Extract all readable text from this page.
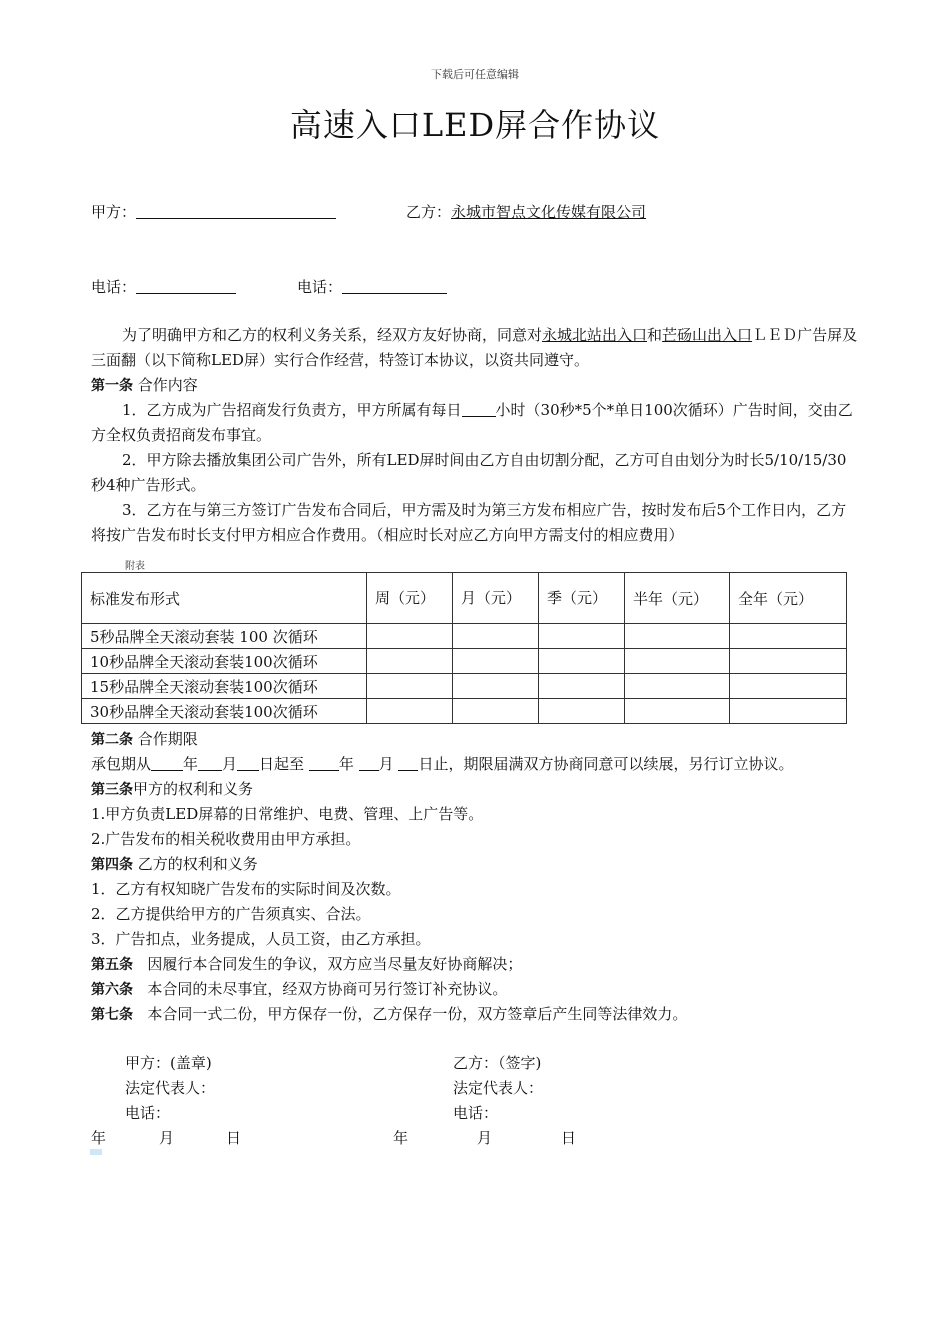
下载后可任意编辑
高速入口LED屏合作协议
甲方：	乙方：永城市智点文化传媒有限公司
电话：	电话：
为了明确甲方和乙方的权利义务关系，经双方友好协商，同意对永城北站出入口和芒砀山出入口ＬＥＤ广告屏及三面翻（以下简称LED屏）实行合作经营，特签订本协议，以资共同遵守。
第一条 合作内容
1．乙方成为广告招商发行负责方，甲方所属有每日 小时（30秒*5个*单日100次循环）广告时间，交由乙方全权负责招商发布事宜。
2．甲方除去播放集团公司广告外，所有LED屏时间由乙方自由切割分配，乙方可自由划分为时长5/10/15/30秒4种广告形式。
3．乙方在与第三方签订广告发布合同后，甲方需及时为第三方发布相应广告，按时发布后5个工作日内，乙方将按广告发布时长支付甲方相应合作费用。（相应时长对应乙方向甲方需支付的相应费用）
附表
标准发布形式	周（元）	月（元）	季（元）	半年（元）	全年（元）
5秒品牌全天滚动套装 100 次循环					
10秒品牌全天滚动套装100次循环					
15秒品牌全天滚动套装100次循环					
30秒品牌全天滚动套装100次循环					
第二条 合作期限
承包期从 年 月 日起至 年 月 日止，期限届满双方协商同意可以续展，另行订立协议。
第三条甲方的权利和义务
1.甲方负责LED屏幕的日常维护、电费、管理、上广告等。
2.广告发布的相关税收费用由甲方承担。
第四条 乙方的权利和义务
1．乙方有权知晓广告发布的实际时间及次数。
2．乙方提供给甲方的广告须真实、合法。
3．广告扣点，业务提成，人员工资，由乙方承担。
第五条 因履行本合同发生的争议，双方应当尽量友好协商解决；
第六条 本合同的未尽事宜，经双方协商可另行签订补充协议。
第七条 本合同一式二份，甲方保存一份，乙方保存一份，双方签章后产生同等法律效力。
甲方：(盖章)	乙方：（签字)
法定代表人：	法定代表人：
电话：	电话：
年	月	日	年	月	日
